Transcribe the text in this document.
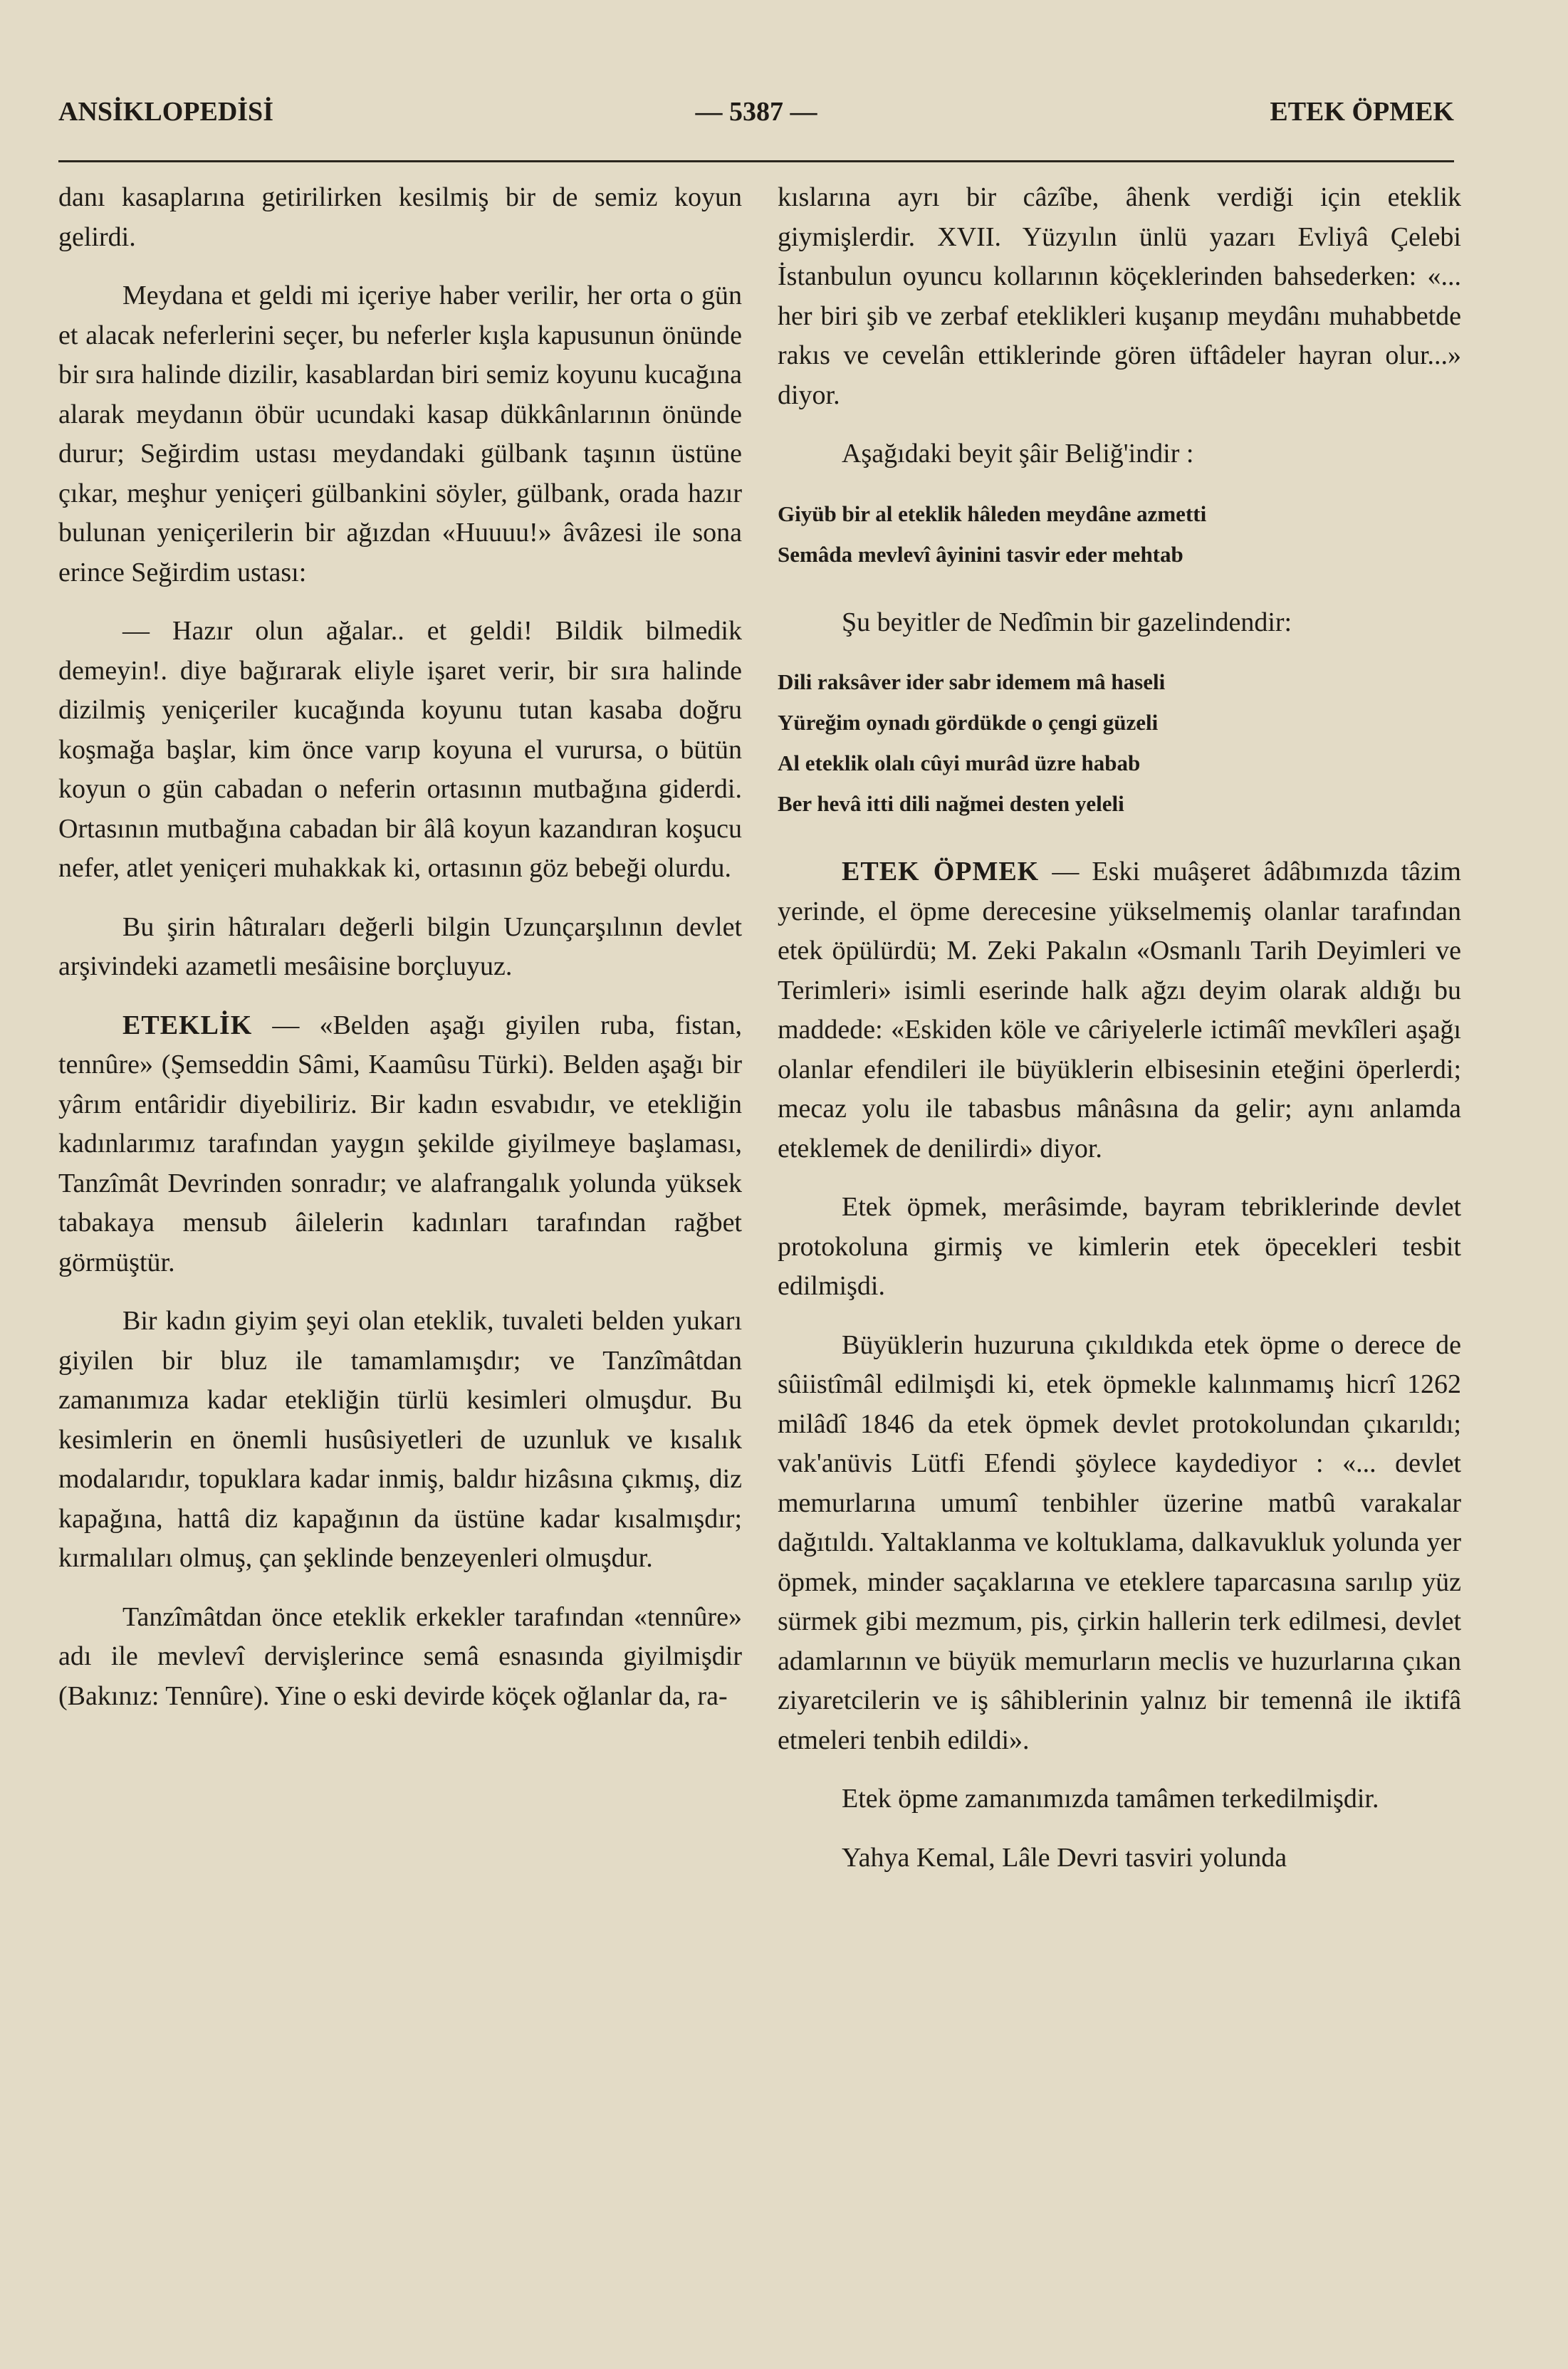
ANSİKLOPEDİSİ	— 5387 —	ETEK ÖPMEK

danı kasaplarına getirilirken kesilmiş bir de semiz koyun gelirdi.

Meydana et geldi mi içeriye haber verilir, her orta o gün et alacak neferlerini seçer, bu neferler kışla kapusunun önünde bir sıra halinde dizilir, kasablardan biri semiz koyunu kucağına alarak meydanın öbür ucundaki kasap dükkânlarının önünde durur; Seğirdim ustası meydandaki gülbank taşının üstüne çıkar, meşhur yeniçeri gülbankini söyler, gülbank, orada hazır bulunan yeniçerilerin bir ağızdan «Huuuu!» âvâzesi ile sona erince Seğirdim ustası:

— Hazır olun ağalar.. et geldi! Bildik bilmedik demeyin!. diye bağırarak eliyle işaret verir, bir sıra halinde dizilmiş yeniçeriler kucağında koyunu tutan kasaba doğru koşmağa başlar, kim önce varıp koyuna el vurursa, o bütün koyun o gün cabadan o neferin ortasının mutbağına giderdi. Ortasının mutbağına cabadan bir âlâ koyun kazandıran koşucu nefer, atlet yeniçeri muhakkak ki, ortasının göz bebeği olurdu.

Bu şirin hâtıraları değerli bilgin Uzunçarşılının devlet arşivindeki azametli mesâisine borçluyuz.

ETEKLİK — «Belden aşağı giyilen ruba, fistan, tennûre» (Şemseddin Sâmi, Kaamûsu Türki). Belden aşağı bir yârım entâridir diyebiliriz. Bir kadın esvabıdır, ve etekliğin kadınlarımız tarafından yaygın şekilde giyilmeye başlaması, Tanzîmât Devrinden sonradır; ve alafrangalık yolunda yüksek tabakaya mensub âilelerin kadınları tarafından rağbet görmüştür.

Bir kadın giyim şeyi olan eteklik, tuvaleti belden yukarı giyilen bir bluz ile tamamlamışdır; ve Tanzîmâtdan zamanımıza kadar etekliğin türlü kesimleri olmuşdur. Bu kesimlerin en önemli husûsiyetleri de uzunluk ve kısalık modalarıdır, topuklara kadar inmiş, baldır hizâsına çıkmış, diz kapağına, hattâ diz kapağının da üstüne kadar kısalmışdır; kırmalıları olmuş, çan şeklinde benzeyenleri olmuşdur.

Tanzîmâtdan önce eteklik erkekler tarafından «tennûre» adı ile mevlevî dervişlerince semâ esnasında giyilmişdir (Bakınız: Tennûre). Yine o eski devirde köçek oğlanlar da, ra-

kıslarına ayrı bir câzîbe, âhenk verdiği için eteklik giymişlerdir. XVII. Yüzyılın ünlü yazarı Evliyâ Çelebi İstanbulun oyuncu kollarının köçeklerinden bahsederken: «... her biri şib ve zerbaf eteklikleri kuşanıp meydânı muhabbetde rakıs ve cevelân ettiklerinde gören üftâdeler hayran olur...» diyor.

Aşağıdaki beyit şâir Beliğ'indir :

Giyüb bir al eteklik hâleden meydâne azmetti
Semâda mevlevî âyinini tasvir eder mehtab

Şu beyitler de Nedîmin bir gazelindendir:

Dili raksâver ider sabr idemem mâ haseli
Yüreğim oynadı gördükde o çengi güzeli
Al eteklik olalı cûyi murâd üzre habab
Ber hevâ itti dili nağmei desten yeleli

ETEK ÖPMEK — Eski muâşeret âdâbımızda tâzim yerinde, el öpme derecesine yükselmemiş olanlar tarafından etek öpülürdü; M. Zeki Pakalın «Osmanlı Tarih Deyimleri ve Terimleri» isimli eserinde halk ağzı deyim olarak aldığı bu maddede: «Eskiden köle ve câriyelerle ictimâî mevkîleri aşağı olanlar efendileri ile büyüklerin elbisesinin eteğini öperlerdi; mecaz yolu ile tabasbus mânâsına da gelir; aynı anlamda eteklemek de denilirdi» diyor.

Etek öpmek, merâsimde, bayram tebriklerinde devlet protokoluna girmiş ve kimlerin etek öpecekleri tesbit edilmişdi.

Büyüklerin huzuruna çıkıldıkda etek öpme o derece de sûiistîmâl edilmişdi ki, etek öpmekle kalınmamış hicrî 1262 milâdî 1846 da etek öpmek devlet protokolundan çıkarıldı; vak'anüvis Lütfi Efendi şöylece kaydediyor : «... devlet memurlarına umumî tenbihler üzerine matbû varakalar dağıtıldı. Yaltaklanma ve koltuklama, dalkavukluk yolunda yer öpmek, minder saçaklarına ve eteklere taparcasına sarılıp yüz sürmek gibi mezmum, pis, çirkin hallerin terk edilmesi, devlet adamlarının ve büyük memurların meclis ve huzurlarına çıkan ziyaretcilerin ve iş sâhiblerinin yalnız bir temennâ ile iktifâ etmeleri tenbih edildi».

Etek öpme zamanımızda tamâmen terkedilmişdir.

Yahya Kemal, Lâle Devri tasviri yolunda
